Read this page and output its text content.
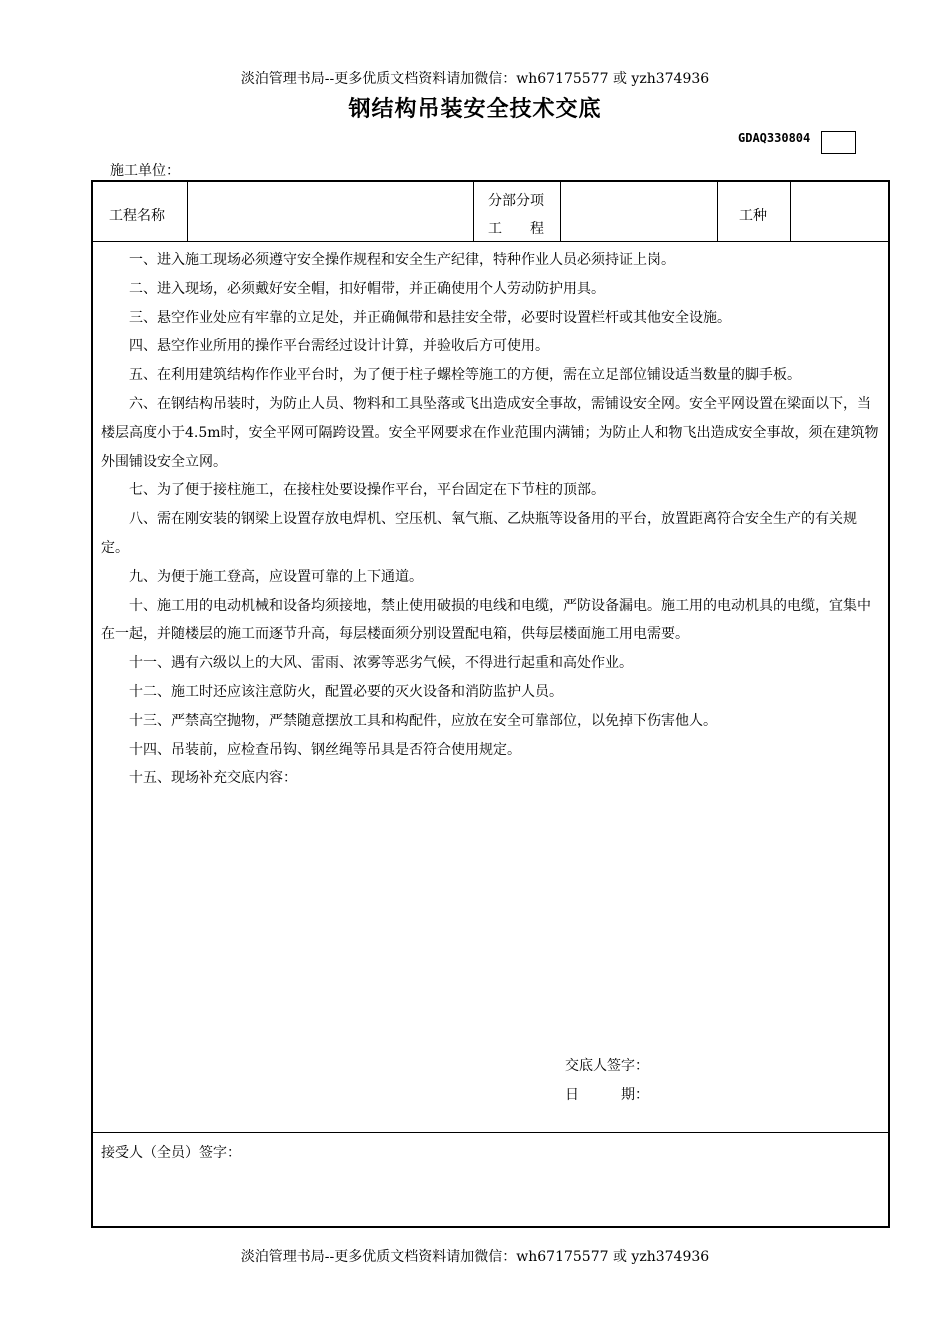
淡泊管理书局--更多优质文档资料请加微信：wh67175577 或 yzh374936
钢结构吊装安全技术交底
GDAQ330804
施工单位：
工程名称
分部分项
工　　程
工种

一、进入施工现场必须遵守安全操作规程和安全生产纪律，特种作业人员必须持证上岗。

二、进入现场，必须戴好安全帽，扣好帽带，并正确使用个人劳动防护用具。

三、悬空作业处应有牢靠的立足处，并正确佩带和悬挂安全带，必要时设置栏杆或其他安全设施。

四、悬空作业所用的操作平台需经过设计计算，并验收后方可使用。

五、在利用建筑结构作作业平台时，为了便于柱子螺栓等施工的方便，需在立足部位铺设适当数量的脚手板。

六、在钢结构吊装时，为防止人员、物料和工具坠落或飞出造成安全事故，需铺设安全网。安全平网设置在梁面以下，当楼层高度小于4.5m时，安全平网可隔跨设置。安全平网要求在作业范围内满铺；为防止人和物飞出造成安全事故，须在建筑物外围铺设安全立网。

七、为了便于接柱施工，在接柱处要设操作平台，平台固定在下节柱的顶部。

八、需在刚安装的钢梁上设置存放电焊机、空压机、氧气瓶、乙炔瓶等设备用的平台，放置距离符合安全生产的有关规定。

九、为便于施工登高，应设置可靠的上下通道。

十、施工用的电动机械和设备均须接地，禁止使用破损的电线和电缆，严防设备漏电。施工用的电动机具的电缆，宜集中在一起，并随楼层的施工而逐节升高，每层楼面须分别设置配电箱，供每层楼面施工用电需要。

十一、遇有六级以上的大风、雷雨、浓雾等恶劣气候，不得进行起重和高处作业。

十二、施工时还应该注意防火，配置必要的灭火设备和消防监护人员。

十三、严禁高空抛物，严禁随意摆放工具和构配件，应放在安全可靠部位，以免掉下伤害他人。

十四、吊装前，应检查吊钩、钢丝绳等吊具是否符合使用规定。

十五、现场补充交底内容：

交底人签字：
日　　　期：
接受人（全员）签字：
淡泊管理书局--更多优质文档资料请加微信：wh67175577 或 yzh374936
